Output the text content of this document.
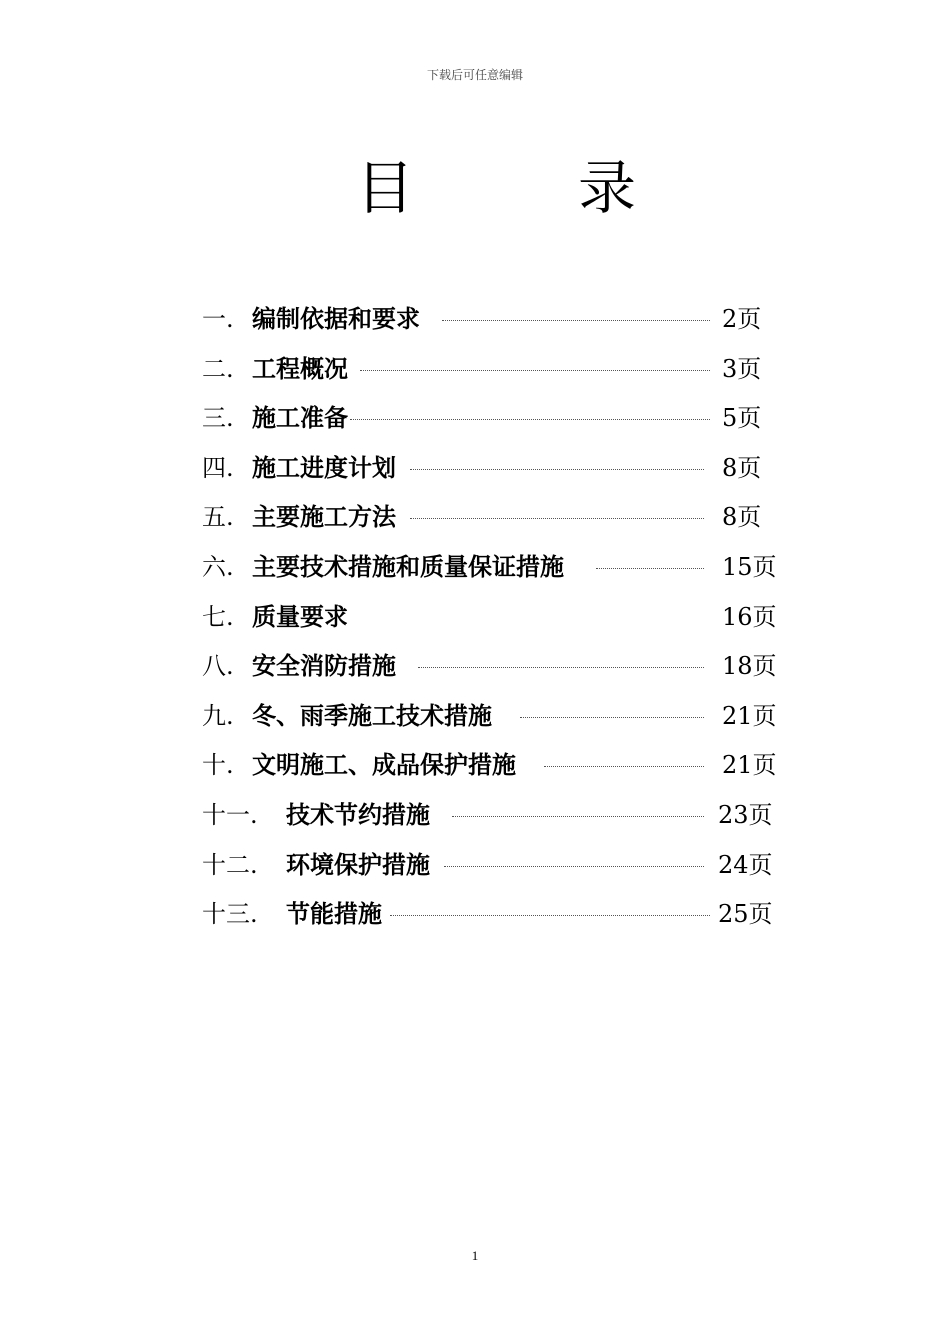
下载后可任意编辑
目	录
一. 编制依据和要求	2页
二. 工程概况	3页
三. 施工准备	5页
四. 施工进度计划	8页
五. 主要施工方法	8页
六. 主要技术措施和质量保证措施	15页
七. 质量要求	16页
八. 安全消防措施	18页
九. 冬、雨季施工技术措施	21页
十. 文明施工、成品保护措施	21页
十一. 技术节约措施	23页
十二. 环境保护措施	24页
十三. 节能措施	25页
1
